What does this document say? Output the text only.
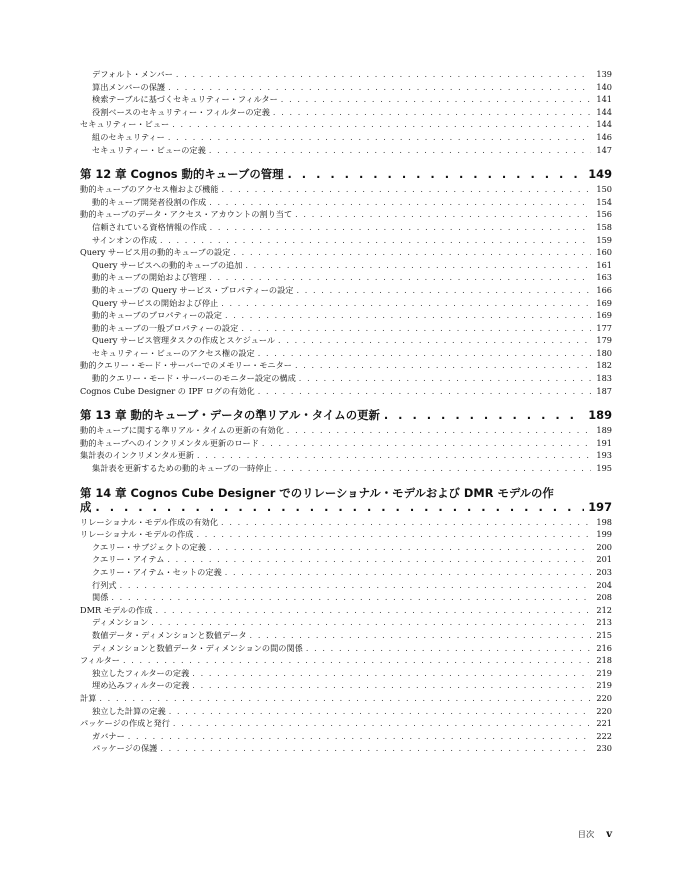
デフォルト・メンバー . . .	139
算出メンバーの保護 . . .	140
検索テーブルに基づくセキュリティー・フィルター . . .	141
役割ベースのセキュリティー・フィルターの定義 . . .	144
セキュリティー・ビュー . . .	144
組のセキュリティー . . .	146
セキュリティー・ビューの定義 . . .	147
第 12 章 Cognos 動的キューブの管理 . . .	149
動的キューブのアクセス権および機能 . . .	150
動的キューブ開発者役割の作成 . . .	154
動的キューブのデータ・アクセス・アカウントの割り当て . . .	156
信頼されている資格情報の作成 . . .	158
サインオンの作成 . . .	159
Query サービス用の動的キューブの設定 . . .	160
Query サービスへの動的キューブの追加 . . .	161
動的キューブの開始および管理 . . .	163
動的キューブの Query サービス・プロパティーの設定 . . .	166
Query サービスの開始および停止 . . .	169
動的キューブのプロパティーの設定 . . .	169
動的キューブの一般プロパティーの設定 . . .	177
Query サービス管理タスクの作成とスケジュール . . .	179
セキュリティー・ビューのアクセス権の設定 . . .	180
動的クエリー・モード・サーバーでのメモリー・モニター . . .	182
動的クエリー・モード・サーバーのモニター設定の構成 . . .	183
Cognos Cube Designer の IPF ログの有効化 . . .	187
第 13 章 動的キューブ・データの準リアル・タイムの更新 . . .	189
動的キューブに関する準リアル・タイムの更新の有効化 . . .	189
動的キューブへのインクリメンタル更新のロード . . .	191
集計表のインクリメンタル更新 . . .	193
集計表を更新するための動的キューブの一時停止 . . .	195
第 14 章 Cognos Cube Designer でのリレーショナル・モデルおよび DMR モデルの作
成 . . .	197
リレーショナル・モデル作成の有効化 . . .	198
リレーショナル・モデルの作成 . . .	199
クエリー・サブジェクトの定義 . . .	200
クエリー・アイテム . . .	201
クエリー・アイテム・セットの定義 . . .	203
行列式 . . .	204
関係 . . .	208
DMR モデルの作成 . . .	212
ディメンション . . .	213
数値データ・ディメンションと数値データ . . .	215
ディメンションと数値データ・ディメンションの間の関係 . . .	216
フィルター . . .	218
独立したフィルターの定義 . . .	219
埋め込みフィルターの定義 . . .	219
計算 . . .	220
独立した計算の定義 . . .	220
パッケージの作成と発行 . . .	221
ガバナー . . .	222
パッケージの保護 . . .	230
目次 v
